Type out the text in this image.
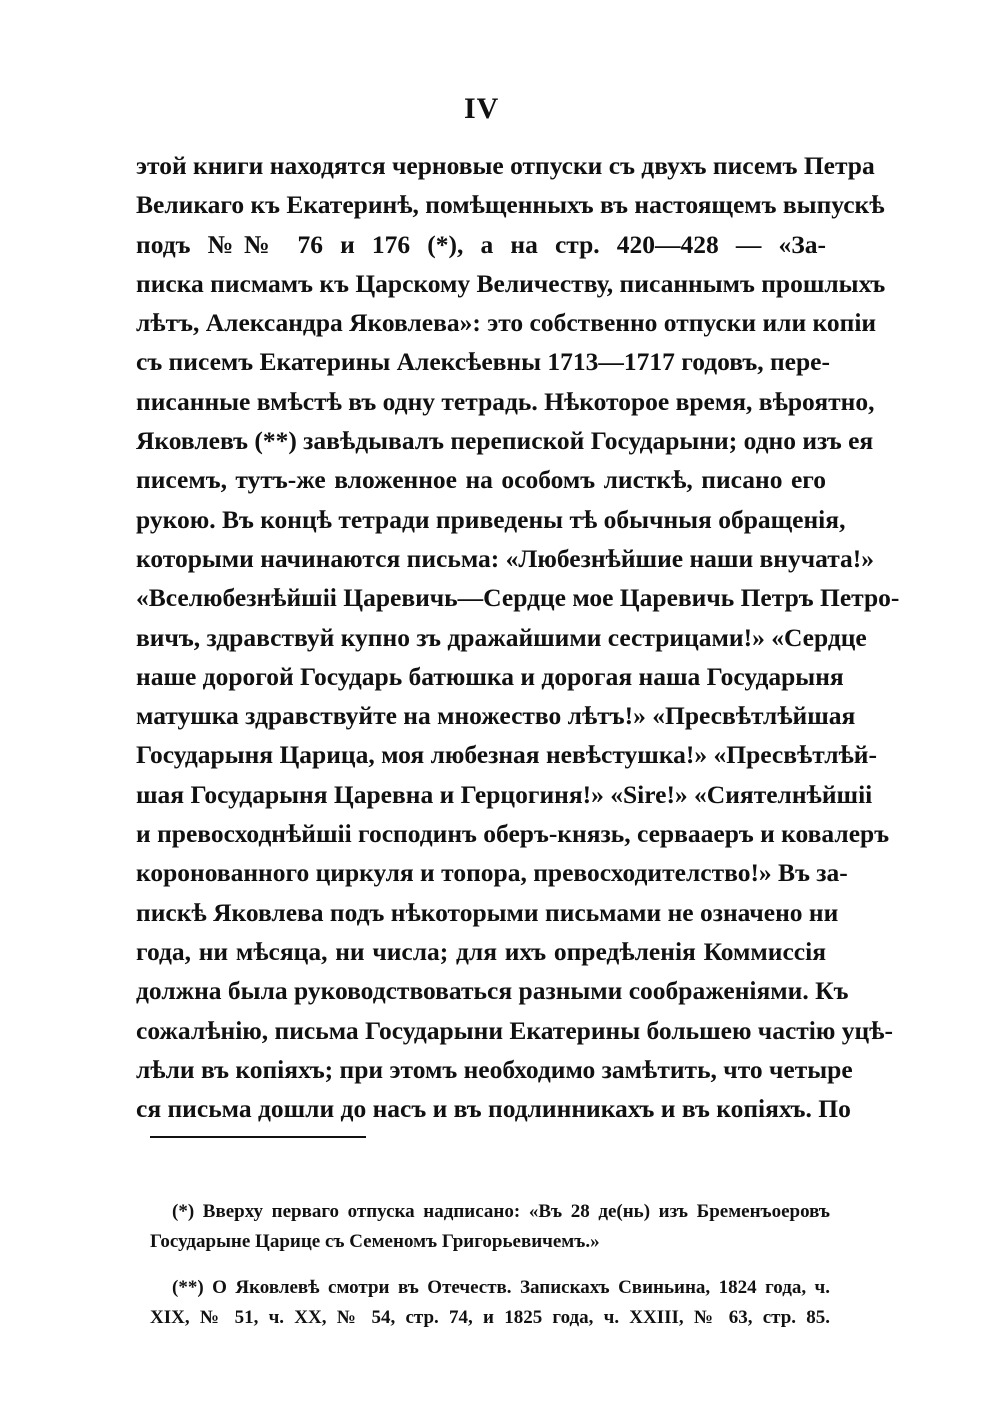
IV
этой книги находятся черновые отпуски съ двухъ писемъ Петра
Великаго къ Екатеринѣ, помѣщенныхъ въ настоящемъ выпускѣ
подъ №№ 76 и 176 (*), а на стр. 420—428 — «За-
писка писмамъ къ Царскому Величеству, писаннымъ прошлыхъ
лѣтъ, Александра Яковлева»: это собственно отпуски или копіи
съ писемъ Екатерины Алексѣевны 1713—1717 годовъ, пере-
писанные вмѣстѣ въ одну тетрадь. Нѣкоторое время, вѣроятно,
Яковлевъ (**) завѣдывалъ перепиской Государыни; одно изъ ея
писемъ, тутъ-же вложенное на особомъ листкѣ, писано его
рукою. Въ концѣ тетради приведены тѣ обычныя обращенія,
которыми начинаются письма: «Любезнѣйшие наши внучата!»
«Вселюбезнѣйшiі Царевичь—Сердце мое Царевичь Петръ Петро-
вичъ, здравствуй купно зъ дражайшими сестрицами!» «Сердце
наше дорогой Государь батюшка и дорогая наша Государыня
матушка здравствуйте на множество лѣтъ!» «Пресвѣтлѣйшая
Государыня Царица, моя любезная невѣстушка!» «Пресвѣтлѣй-
шая Государыня Царевна и Герцогиня!» «Sire!» «Сиятелнѣйшiі
и превосходнѣйшiі господинъ оберъ-князь, сервааеръ и ковалеръ
коронованного циркуля и топора, превосходителство!» Въ за-
пискѣ Яковлева подъ нѣкоторыми письмами не означено ни
года, ни мѣсяца, ни числа; для ихъ опредѣленія Коммиссія
должна была руководствоваться разными соображеніями. Къ
сожалѣнію, письма Государыни Екатерины большею частію уцѣ-
лѣли въ копіяхъ; при этомъ необходимо замѣтить, что четыре
ся письма дошли до насъ и въ подлинникахъ и въ копіяхъ. По
(*) Вверху перваго отпуска надписано: «Въ 28 де(нь) изъ Бременъоеровъ
Государыне Царице съ Семеномъ Григорьевичемъ.»
(**) О Яковлевѣ смотри въ Отечеств. Запискахъ Свиньина, 1824 года, ч.
XIX, № 51, ч. XX, № 54, стр. 74, и 1825 года, ч. XXIII, № 63, стр. 85.
